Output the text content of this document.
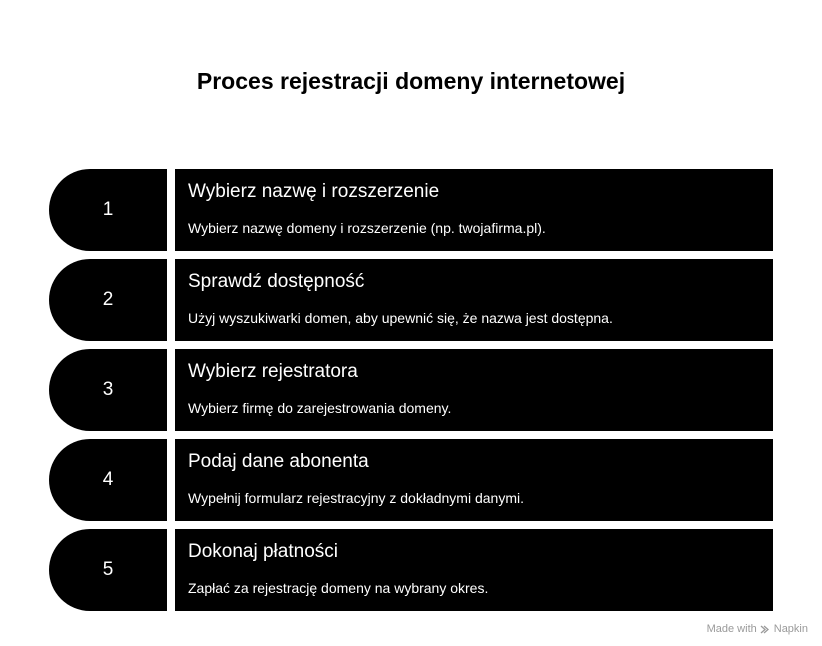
Proces rejestracji domeny internetowej
1
Wybierz nazwę i rozszerzenie
Wybierz nazwę domeny i rozszerzenie (np. twojafirma.pl).
2
Sprawdź dostępność
Użyj wyszukiwarki domen, aby upewnić się, że nazwa jest dostępna.
3
Wybierz rejestratora
Wybierz firmę do zarejestrowania domeny.
4
Podaj dane abonenta
Wypełnij formularz rejestracyjny z dokładnymi danymi.
5
Dokonaj płatności
Zapłać za rejestrację domeny na wybrany okres.
Made with Napkin
